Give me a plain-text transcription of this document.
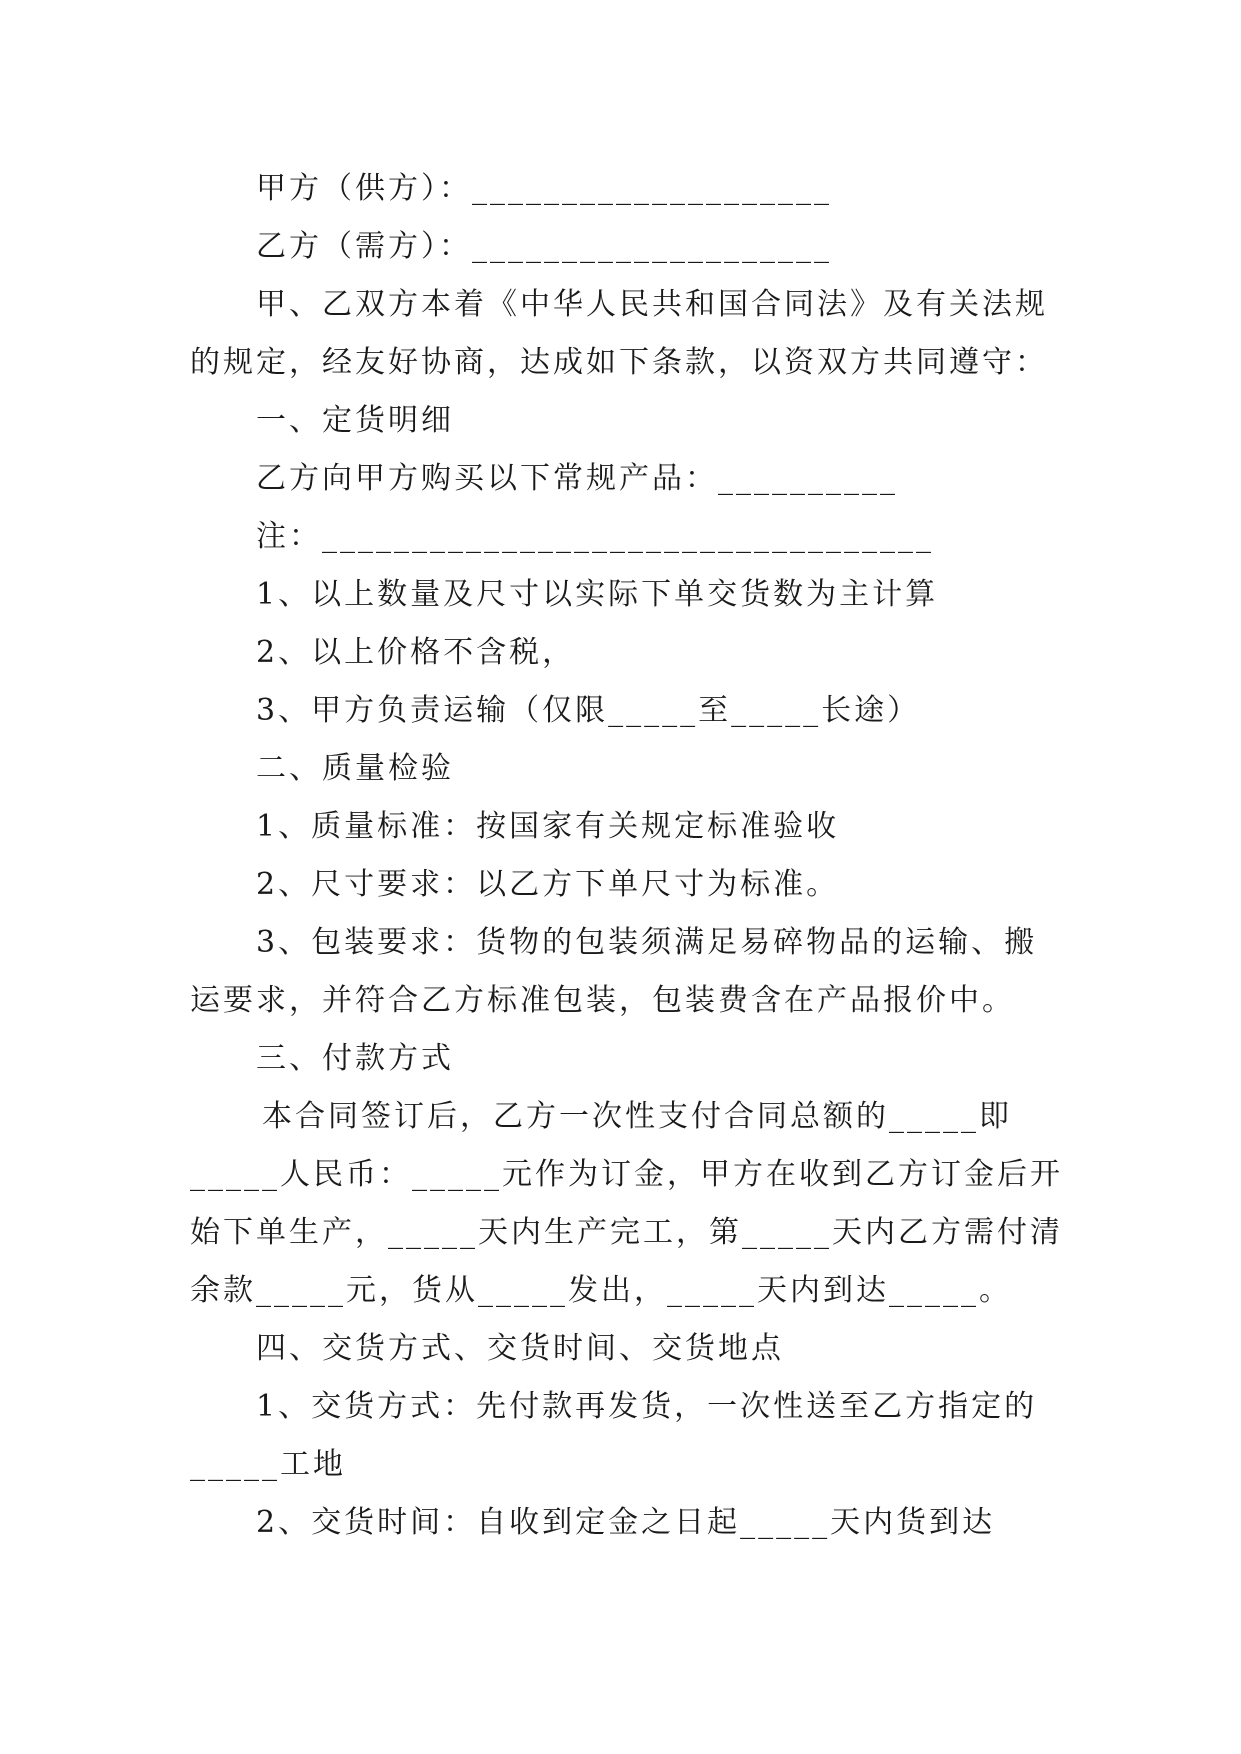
甲方（供方）：____________________

乙方（需方）：____________________

甲、乙双方本着《中华人民共和国合同法》及有关法规

的规定，经友好协商，达成如下条款，以资双方共同遵守：

一、定货明细

乙方向甲方购买以下常规产品：__________

注：__________________________________

1、以上数量及尺寸以实际下单交货数为主计算

2、以上价格不含税，

3、甲方负责运输（仅限_____至_____长途）

二、质量检验

1、质量标准：按国家有关规定标准验收

2、尺寸要求：以乙方下单尺寸为标准。

3、包装要求：货物的包装须满足易碎物品的运输、搬

运要求，并符合乙方标准包装，包装费含在产品报价中。

三、付款方式

本合同签订后，乙方一次性支付合同总额的_____即

_____人民币：_____元作为订金，甲方在收到乙方订金后开

始下单生产，_____天内生产完工，第_____天内乙方需付清

余款_____元，货从_____发出，_____天内到达_____。

四、交货方式、交货时间、交货地点

1、交货方式：先付款再发货，一次性送至乙方指定的

_____工地

2、交货时间：自收到定金之日起_____天内货到达
